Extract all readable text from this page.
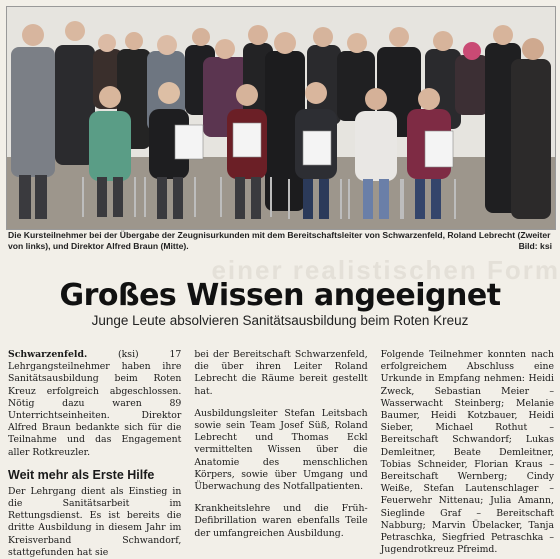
Die Kursteilnehmer bei der Übergabe der Zeugnisurkunden mit dem Bereitschaftsleiter von Schwarzenfeld, Roland Lebrecht (Zweiter von links), und Direktor Alfred Braun (Mitte).	Bild: ksi
einer realistischen Form
Großes Wissen angeeignet
Junge Leute absolvieren Sanitätsausbildung beim Roten Kreuz

Schwarzenfeld.	(ksi) 17 Lehrgangsteilnehmer haben ihre Sanitätsausbildung beim Roten Kreuz erfolgreich abgeschlossen. Nötig dazu waren 89 Unterrichtseinheiten. Direktor Alfred Braun bedankte sich für die Teilnahme und das Engagement aller Rotkreuzler.

Weit mehr als Erste Hilfe

Der Lehrgang dient als Einstieg in die Sanitätsarbeit im Rettungsdienst. Es ist bereits die dritte Ausbildung in diesem Jahr im Kreisverband Schwandorf, stattgefunden hat sie

bei der Bereitschaft Schwarzenfeld, die über ihren Leiter Roland Lebrecht die Räume bereit gestellt hat.

Ausbildungsleiter Stefan Leitsbach sowie sein Team Josef Süß, Roland Lebrecht und Thomas Eckl vermittelten Wissen über die Anatomie des menschlichen Körpers, sowie über Umgang und Überwachung des Notfallpatienten.

Krankheitslehre und die Früh-Defibrillation waren ebenfalls Teile der umfangreichen Ausbildung.

Folgende Teilnehmer konnten nach erfolgreichem Abschluss eine Urkunde in Empfang nehmen: Heidi Zweck, Sebastian Meier – Wasserwacht Steinberg; Melanie Baumer, Heidi Kotzbauer, Heidi Sieber, Michael Rothut – Bereitschaft Schwandorf; Lukas Demleitner, Beate Demleitner, Tobias Schneider, Florian Kraus – Bereitschaft Wernberg; Cindy Weiße, Stefan Lautenschlager – Feuerwehr Nittenau; Julia Amann, Sieglinde Graf – Bereitschaft Nabburg; Marvin Übelacker, Tanja Petraschka, Siegfried Petraschka – Jugendrotkreuz Pfreimd.
